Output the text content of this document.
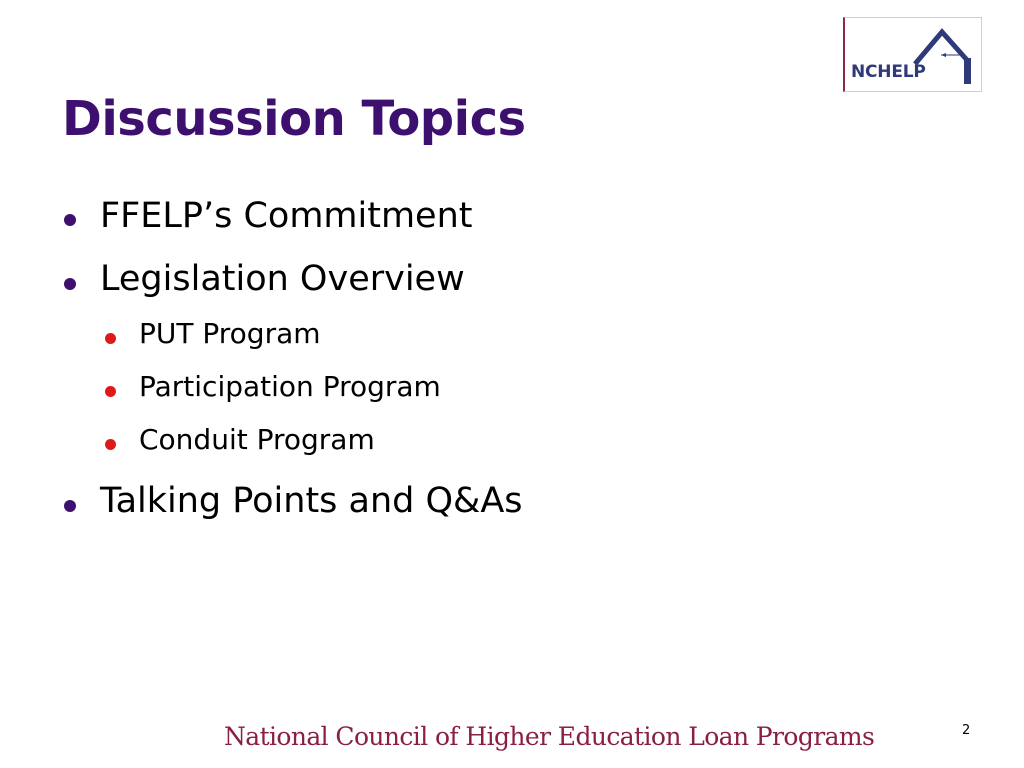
NCHELP
Discussion Topics
FFELP’s Commitment
Legislation Overview
PUT Program
Participation Program
Conduit Program
Talking Points and Q&As
National Council of Higher Education Loan Programs	2
